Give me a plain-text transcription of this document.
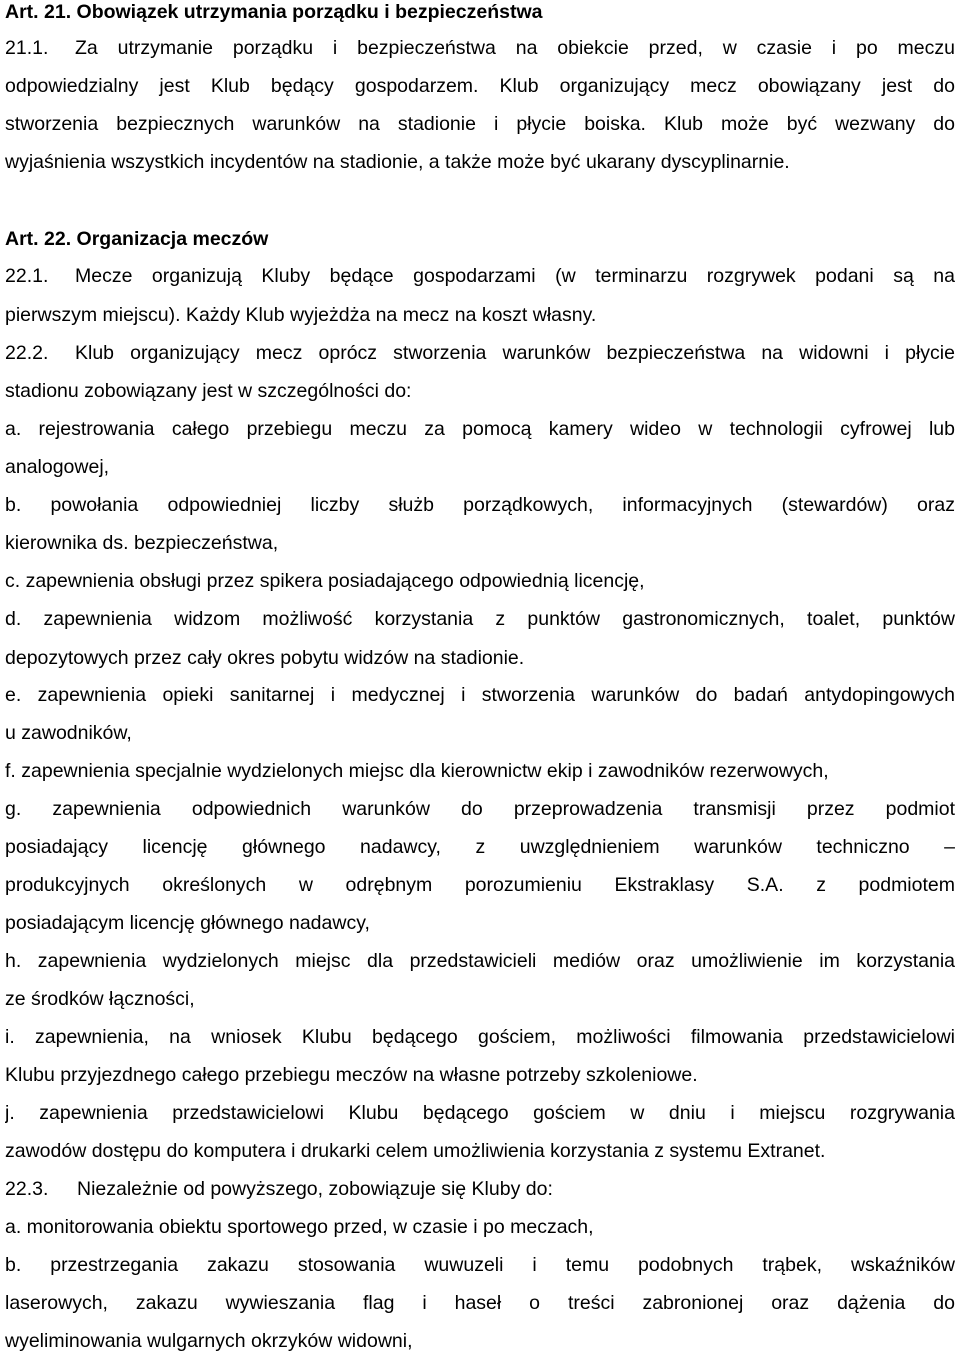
Art. 21. Obowiązek utrzymania porządku i bezpieczeństwa
21.1. Za utrzymanie porządku i bezpieczeństwa na obiekcie przed, w czasie i po meczu
odpowiedzialny jest Klub będący gospodarzem. Klub organizujący mecz obowiązany jest do
stworzenia bezpiecznych warunków na stadionie i płycie boiska. Klub może być wezwany do
wyjaśnienia wszystkich incydentów na stadionie, a także może być ukarany dyscyplinarnie.
Art. 22. Organizacja meczów
22.1. Mecze organizują Kluby będące gospodarzami (w terminarzu rozgrywek podani są na
pierwszym miejscu). Każdy Klub wyjeżdża na mecz na koszt własny.
22.2. Klub organizujący mecz oprócz stworzenia warunków bezpieczeństwa na widowni i płycie
stadionu zobowiązany jest w szczególności do:
a. rejestrowania całego przebiegu meczu za pomocą kamery wideo w technologii cyfrowej lub
analogowej,
b. powołania odpowiedniej liczby służb porządkowych, informacyjnych (stewardów) oraz
kierownika ds. bezpieczeństwa,
c. zapewnienia obsługi przez spikera posiadającego odpowiednią licencję,
d. zapewnienia widzom możliwość korzystania z punktów gastronomicznych, toalet, punktów
depozytowych przez cały okres pobytu widzów na stadionie.
e. zapewnienia opieki sanitarnej i medycznej i stworzenia warunków do badań antydopingowych
u zawodników,
f. zapewnienia specjalnie wydzielonych miejsc dla kierownictw ekip i zawodników rezerwowych,
g. zapewnienia odpowiednich warunków do przeprowadzenia transmisji przez podmiot
posiadający licencję głównego nadawcy, z uwzględnieniem warunków techniczno –
produkcyjnych określonych w odrębnym porozumieniu Ekstraklasy S.A. z podmiotem
posiadającym licencję głównego nadawcy,
h. zapewnienia wydzielonych miejsc dla przedstawicieli mediów oraz umożliwienie im korzystania
ze środków łączności,
i. zapewnienia, na wniosek Klubu będącego gościem, możliwości filmowania przedstawicielowi
Klubu przyjezdnego całego przebiegu meczów na własne potrzeby szkoleniowe.
j. zapewnienia przedstawicielowi Klubu będącego gościem w dniu i miejscu rozgrywania
zawodów dostępu do komputera i drukarki celem umożliwienia korzystania z systemu Extranet.
22.3. Niezależnie od powyższego, zobowiązuje się Kluby do:
a. monitorowania obiektu sportowego przed, w czasie i po meczach,
b. przestrzegania zakazu stosowania wuwuzeli i temu podobnych trąbek, wskaźników
laserowych, zakazu wywieszania flag i haseł o treści zabronionej oraz dążenia do
wyeliminowania wulgarnych okrzyków widowni,
